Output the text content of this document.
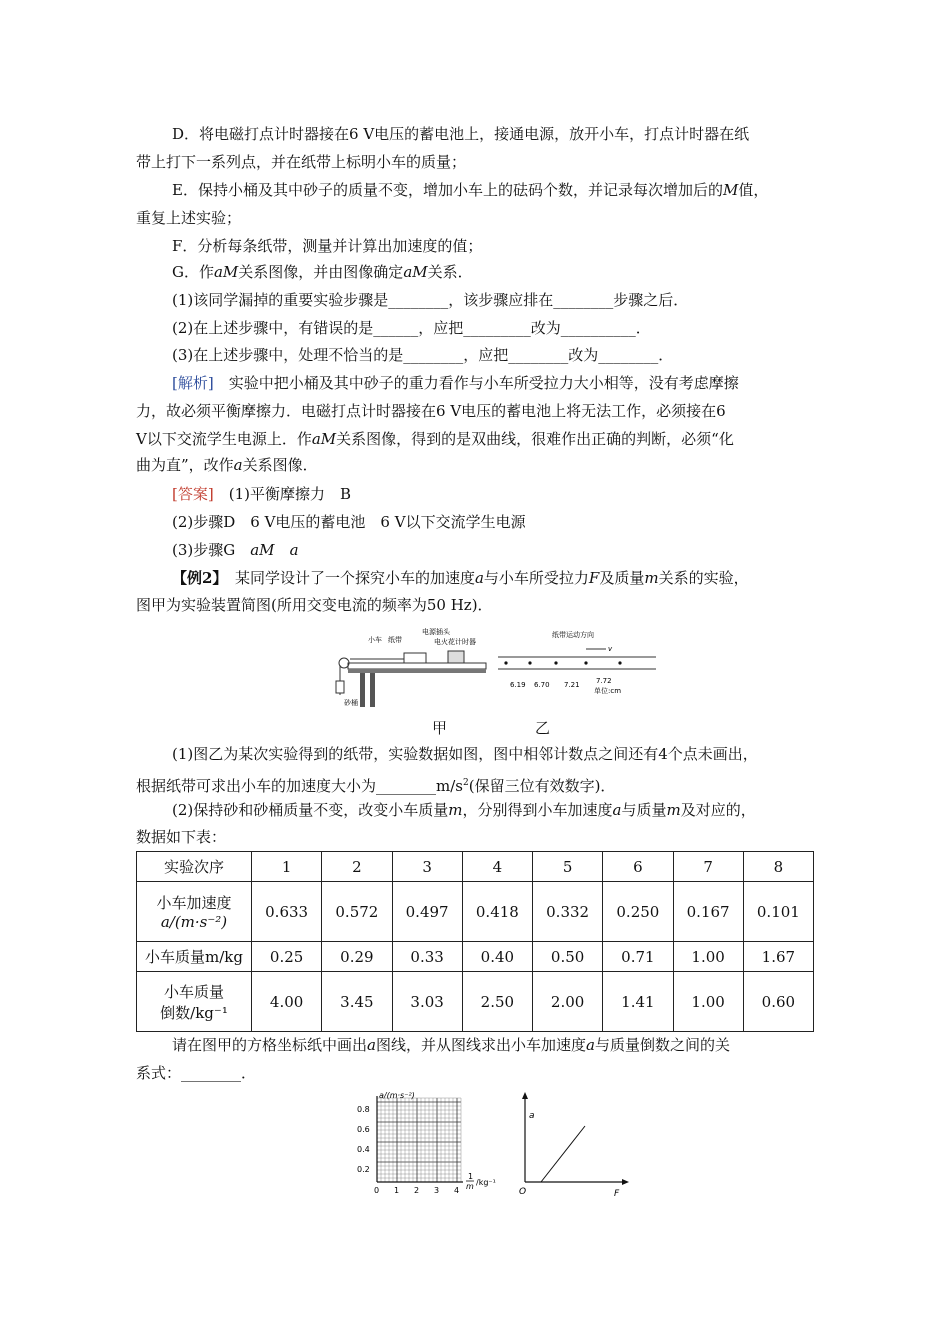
D．将电磁打点计时器接在6 V电压的蓄电池上，接通电源，放开小车，打点计时器在纸
带上打下一系列点，并在纸带上标明小车的质量；
E．保持小桶及其中砂子的质量不变，增加小车上的砝码个数，并记录每次增加后的M值，
重复上述实验；
F．分析每条纸带，测量并计算出加速度的值；
G．作aM关系图像，并由图像确定aM关系．
(1)该同学漏掉的重要实验步骤是________，该步骤应排在________步骤之后．
(2)在上述步骤中，有错误的是______，应把_________改为__________．
(3)在上述步骤中，处理不恰当的是________，应把________改为________．
[解析]　实验中把小桶及其中砂子的重力看作与小车所受拉力大小相等，没有考虑摩擦
力，故必须平衡摩擦力．电磁打点计时器接在6 V电压的蓄电池上将无法工作，必须接在6
V以下交流学生电源上．作aM关系图像，得到的是双曲线，很难作出正确的判断，必须“化
曲为直”，改作a关系图像．
[答案]　(1)平衡摩擦力　B
(2)步骤D　6 V电压的蓄电池　6 V以下交流学生电源
(3)步骤G　aM　 a
【例2】　某同学设计了一个探究小车的加速度a与小车所受拉力F及质量m关系的实验，
图甲为实验装置简图(所用交变电流的频率为50 Hz)．
小车 纸带
电源插头
电火花计时器
砂桶
纸带运动方向
v
6.19 6.70 7.21 7.72
单位:cm
甲	乙
(1)图乙为某次实验得到的纸带，实验数据如图，图中相邻计数点之间还有4个点未画出，
根据纸带可求出小车的加速度大小为$\_\_\_\_\_\_\_\_m/s^2$(保留三位有效数字)．
(2)保持砂和砂桶质量不变，改变小车质量m，分别得到小车加速度a与质量m及对应的，
数据如下表：
实验次序	1	2	3	4	5	6	7	8

小车加速度
a/(m·s⁻²)	0.633	0.572	0.497	0.418	0.332	0.250	0.167	0.101
小车质量m/kg	0.25	0.29	0.33	0.40	0.50	0.71	1.00	1.67

小车质量
倒数/kg⁻¹	4.00	3.45	3.03	2.50	2.00	1.41	1.00	0.60
请在图甲的方格坐标纸中画出a图线，并从图线求出小车加速度a与质量倒数之间的关
系式：________．
a/(m·s⁻²)
0.8
0.6
0.4
0.2
0 1 2 3 4
1
m /kg⁻¹
a
F
O
